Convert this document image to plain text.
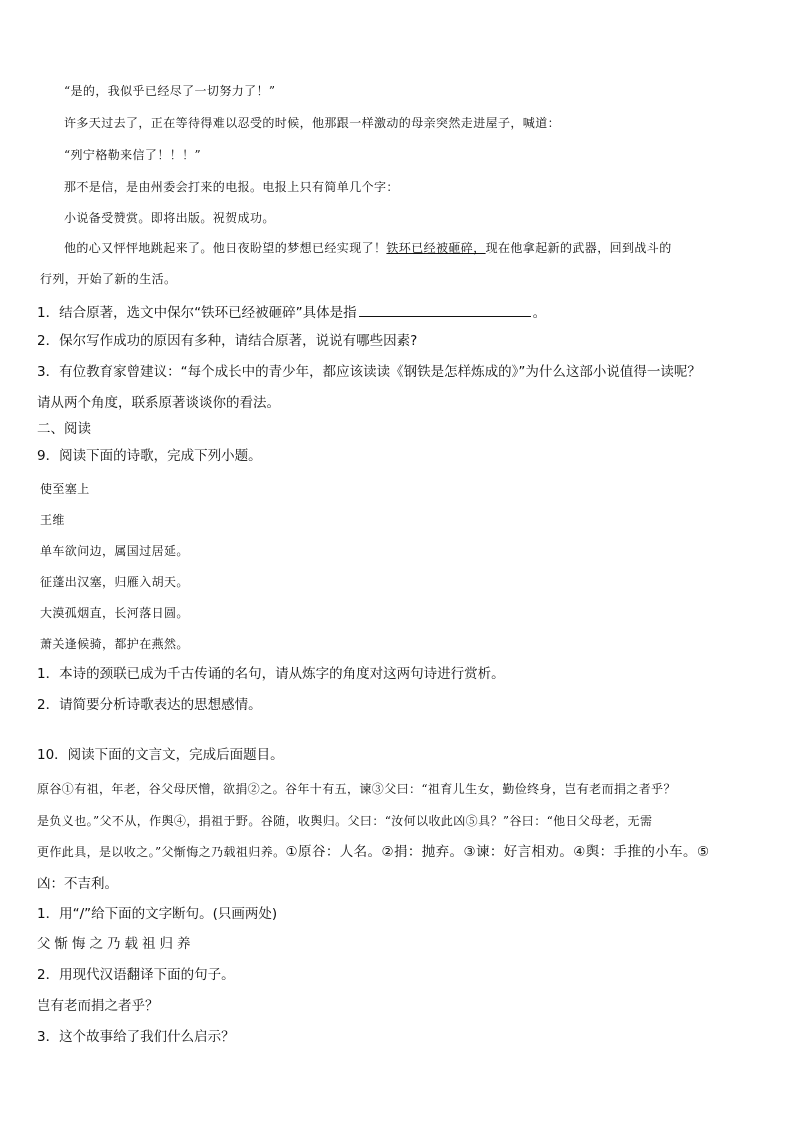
“是的，我似乎已经尽了一切努力了！”
许多天过去了，正在等待得难以忍受的时候，他那跟一样激动的母亲突然走进屋子，喊道：
“列宁格勒来信了！！！”
那不是信，是由州委会打来的电报。电报上只有简单几个字：
小说备受赞赏。即将出版。祝贺成功。
他的心又怦怦地跳起来了。他日夜盼望的梦想已经实现了！铁环已经被砸碎，现在他拿起新的武器，回到战斗的
行列，开始了新的生活。
1．结合原著，选文中保尔“铁环已经被砸碎”具体是指	。
2．保尔写作成功的原因有多种，请结合原著，说说有哪些因素?
3．有位教育家曾建议：“每个成长中的青少年，都应该读读《钢铁是怎样炼成的》”为什么这部小说值得一读呢？
请从两个角度，联系原著谈谈你的看法。
二、阅读
9．阅读下面的诗歌，完成下列小题。
使至塞上
王维
单车欲问边，属国过居延。
征蓬出汉塞，归雁入胡天。
大漠孤烟直，长河落日圆。
萧关逢候骑，都护在燕然。
1．本诗的颈联已成为千古传诵的名句，请从炼字的角度对这两句诗进行赏析。
2．请简要分析诗歌表达的思想感情。
10．阅读下面的文言文，完成后面题目。
原谷①有祖，年老，谷父母厌憎，欲捐②之。谷年十有五，谏③父曰：“祖育儿生女，勤俭终身，岂有老而捐之者乎？
是负义也。”父不从，作舆④，捐祖于野。谷随，收舆归。父曰：“汝何以收此凶⑤具？”谷曰：“他日父母老，无需
更作此具，是以收之。”父惭悔之乃载祖归养。①原谷：人名。②捐：抛弃。③谏：好言相劝。④舆：手推的小车。⑤
凶：不吉利。
1．用“/”给下面的文字断句。(只画两处)
父惭悔之乃载祖归养
2．用现代汉语翻译下面的句子。
岂有老而捐之者乎？
3．这个故事给了我们什么启示？
